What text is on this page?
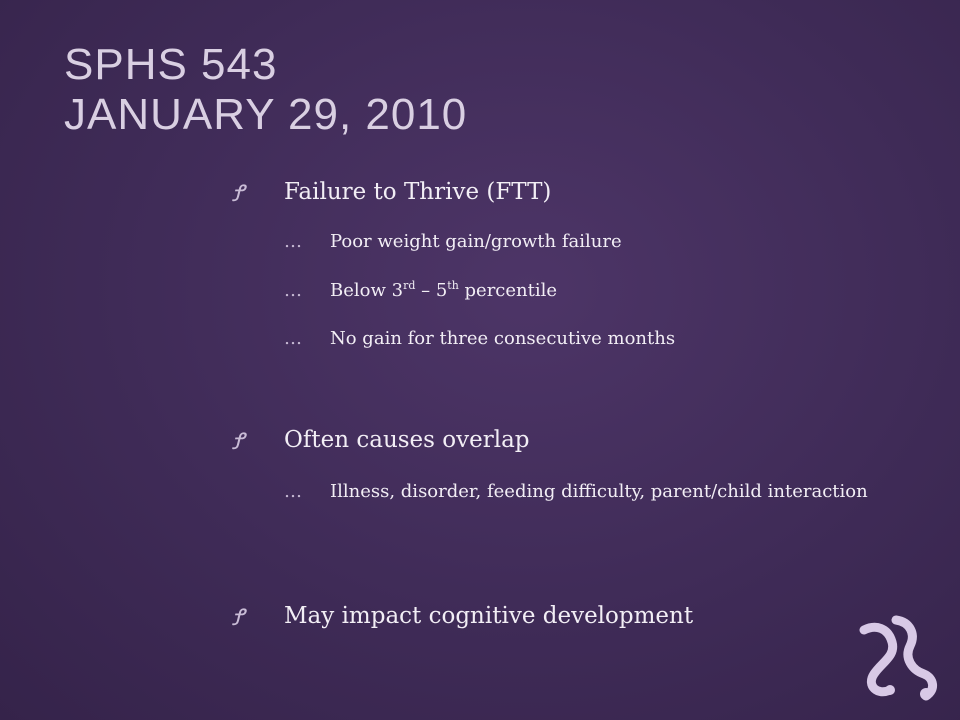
SPHS 543
JANUARY 29, 2010
Ꝭ	Failure to Thrive (FTT)
… Poor weight gain/growth failure
… Below 3rd – 5th percentile
… No gain for three consecutive months
Ꝭ	Often causes overlap
… Illness, disorder, feeding difficulty, parent/child interaction
Ꝭ	May impact cognitive development
